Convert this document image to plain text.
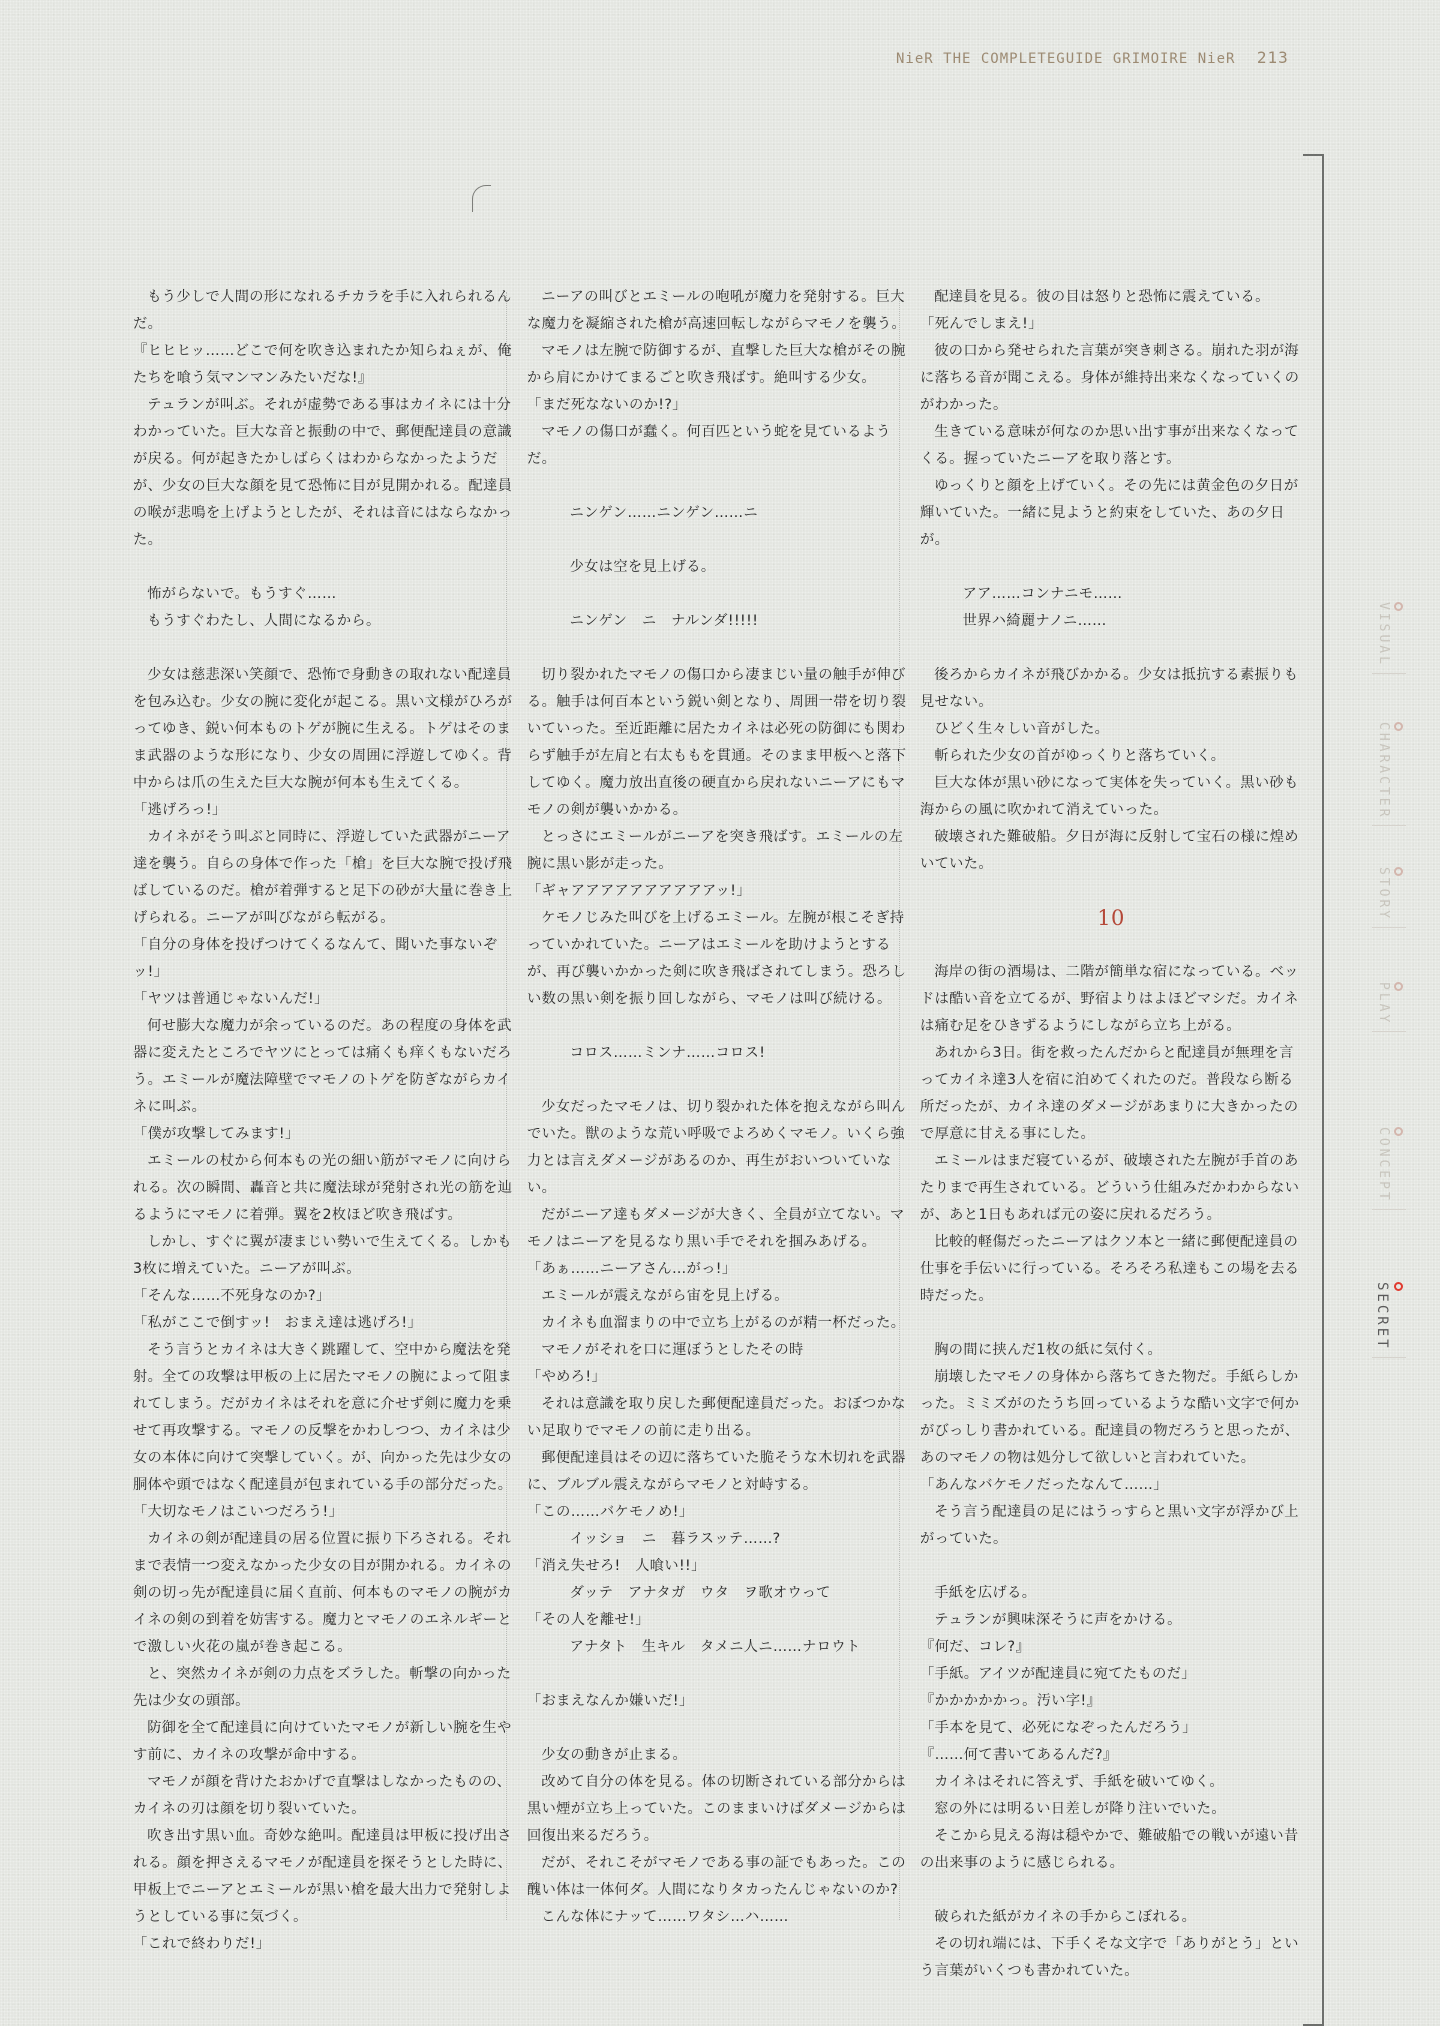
NieR THE COMPLETEGUIDE GRIMOIRE NieR 213

もう少しで人間の形になれるチカラを手に入れられるんだ。

『ヒヒヒッ……どこで何を吹き込まれたか知らねぇが、俺たちを喰う気マンマンみたいだな!』

テュランが叫ぶ。それが虚勢である事はカイネには十分わかっていた。巨大な音と振動の中で、郵便配達員の意識が戻る。何が起きたかしばらくはわからなかったようだが、少女の巨大な顔を見て恐怖に目が見開かれる。配達員の喉が悲鳴を上げようとしたが、それは音にはならなかった。

怖がらないで。もうすぐ……

もうすぐわたし、人間になるから。

少女は慈悲深い笑顔で、恐怖で身動きの取れない配達員を包み込む。少女の腕に変化が起こる。黒い文様がひろがってゆき、鋭い何本ものトゲが腕に生える。トゲはそのまま武器のような形になり、少女の周囲に浮遊してゆく。背中からは爪の生えた巨大な腕が何本も生えてくる。

「逃げろっ!」

カイネがそう叫ぶと同時に、浮遊していた武器がニーア達を襲う。自らの身体で作った「槍」を巨大な腕で投げ飛ばしているのだ。槍が着弾すると足下の砂が大量に巻き上げられる。ニーアが叫びながら転がる。

「自分の身体を投げつけてくるなんて、聞いた事ないぞッ!」

「ヤツは普通じゃないんだ!」

何せ膨大な魔力が余っているのだ。あの程度の身体を武器に変えたところでヤツにとっては痛くも痒くもないだろう。エミールが魔法障壁でマモノのトゲを防ぎながらカイネに叫ぶ。

「僕が攻撃してみます!」

エミールの杖から何本もの光の細い筋がマモノに向けられる。次の瞬間、轟音と共に魔法球が発射され光の筋を辿るようにマモノに着弾。翼を2枚ほど吹き飛ばす。

しかし、すぐに翼が凄まじい勢いで生えてくる。しかも3枚に増えていた。ニーアが叫ぶ。

「そんな……不死身なのか?」

「私がここで倒すッ!　おまえ達は逃げろ!」

そう言うとカイネは大きく跳躍して、空中から魔法を発射。全ての攻撃は甲板の上に居たマモノの腕によって阻まれてしまう。だがカイネはそれを意に介せず剣に魔力を乗せて再攻撃する。マモノの反撃をかわしつつ、カイネは少女の本体に向けて突撃していく。が、向かった先は少女の胴体や頭ではなく配達員が包まれている手の部分だった。

「大切なモノはこいつだろう!」

カイネの剣が配達員の居る位置に振り下ろされる。それまで表情一つ変えなかった少女の目が開かれる。カイネの剣の切っ先が配達員に届く直前、何本ものマモノの腕がカイネの剣の到着を妨害する。魔力とマモノのエネルギーとで激しい火花の嵐が巻き起こる。

と、突然カイネが剣の力点をズラした。斬撃の向かった先は少女の頭部。

防御を全て配達員に向けていたマモノが新しい腕を生やす前に、カイネの攻撃が命中する。

マモノが顔を背けたおかげで直撃はしなかったものの、カイネの刃は顔を切り裂いていた。

吹き出す黒い血。奇妙な絶叫。配達員は甲板に投げ出される。顔を押さえるマモノが配達員を探そうとした時に、甲板上でニーアとエミールが黒い槍を最大出力で発射しようとしている事に気づく。

「これで終わりだ!」

ニーアの叫びとエミールの咆吼が魔力を発射する。巨大な魔力を凝縮された槍が高速回転しながらマモノを襲う。

マモノは左腕で防御するが、直撃した巨大な槍がその腕から肩にかけてまるごと吹き飛ばす。絶叫する少女。

「まだ死なないのか!?」

マモノの傷口が蠢く。何百匹という蛇を見ているようだ。

ニンゲン……ニンゲン……ニ

少女は空を見上げる。

ニンゲン　ニ　ナルンダ!!!!!

切り裂かれたマモノの傷口から凄まじい量の触手が伸びる。触手は何百本という鋭い剣となり、周囲一帯を切り裂いていった。至近距離に居たカイネは必死の防御にも関わらず触手が左肩と右太ももを貫通。そのまま甲板へと落下してゆく。魔力放出直後の硬直から戻れないニーアにもマモノの剣が襲いかかる。

とっさにエミールがニーアを突き飛ばす。エミールの左腕に黒い影が走った。

「ギャアアアアアアアアアアッ!」

ケモノじみた叫びを上げるエミール。左腕が根こそぎ持っていかれていた。ニーアはエミールを助けようとするが、再び襲いかかった剣に吹き飛ばされてしまう。恐ろしい数の黒い剣を振り回しながら、マモノは叫び続ける。

コロス……ミンナ……コロス!

少女だったマモノは、切り裂かれた体を抱えながら叫んでいた。獣のような荒い呼吸でよろめくマモノ。いくら強力とは言えダメージがあるのか、再生がおいついていない。

だがニーア達もダメージが大きく、全員が立てない。マモノはニーアを見るなり黒い手でそれを掴みあげる。

「あぁ……ニーアさん…がっ!」

エミールが震えながら宙を見上げる。

カイネも血溜まりの中で立ち上がるのが精一杯だった。

マモノがそれを口に運ぼうとしたその時

「やめろ!」

それは意識を取り戻した郵便配達員だった。おぼつかない足取りでマモノの前に走り出る。

郵便配達員はその辺に落ちていた脆そうな木切れを武器に、ブルブル震えながらマモノと対峙する。

「この……バケモノめ!」

イッショ　ニ　暮ラスッテ……?

「消え失せろ!　人喰い!!」

ダッテ　アナタガ　ウタ　ヲ歌オウって

「その人を離せ!」

アナタト　生キル　タメニ人ニ……ナロウト

「おまえなんか嫌いだ!」

少女の動きが止まる。

改めて自分の体を見る。体の切断されている部分からは黒い煙が立ち上っていた。このままいけばダメージからは回復出来るだろう。

だが、それこそがマモノである事の証でもあった。この醜い体は一体何ダ。人間になりタカったんじゃないのか?

こんな体にナッて……ワタシ…ハ……

配達員を見る。彼の目は怒りと恐怖に震えている。

「死んでしまえ!」

彼の口から発せられた言葉が突き刺さる。崩れた羽が海に落ちる音が聞こえる。身体が維持出来なくなっていくのがわかった。

生きている意味が何なのか思い出す事が出来なくなってくる。握っていたニーアを取り落とす。

ゆっくりと顔を上げていく。その先には黄金色の夕日が輝いていた。一緒に見ようと約束をしていた、あの夕日が。

アア……コンナニモ……

世界ハ綺麗ナノニ……

後ろからカイネが飛びかかる。少女は抵抗する素振りも見せない。

ひどく生々しい音がした。

斬られた少女の首がゆっくりと落ちていく。

巨大な体が黒い砂になって実体を失っていく。黒い砂も海からの風に吹かれて消えていった。

破壊された難破船。夕日が海に反射して宝石の様に煌めいていた。

10

海岸の街の酒場は、二階が簡単な宿になっている。ベッドは酷い音を立てるが、野宿よりはよほどマシだ。カイネは痛む足をひきずるようにしながら立ち上がる。

あれから3日。街を救ったんだからと配達員が無理を言ってカイネ達3人を宿に泊めてくれたのだ。普段なら断る所だったが、カイネ達のダメージがあまりに大きかったので厚意に甘える事にした。

エミールはまだ寝ているが、破壊された左腕が手首のあたりまで再生されている。どういう仕組みだかわからないが、あと1日もあれば元の姿に戻れるだろう。

比較的軽傷だったニーアはクソ本と一緒に郵便配達員の仕事を手伝いに行っている。そろそろ私達もこの場を去る時だった。

胸の間に挟んだ1枚の紙に気付く。

崩壊したマモノの身体から落ちてきた物だ。手紙らしかった。ミミズがのたうち回っているような酷い文字で何かがびっしり書かれている。配達員の物だろうと思ったが、あのマモノの物は処分して欲しいと言われていた。

「あんなバケモノだったなんて……」

そう言う配達員の足にはうっすらと黒い文字が浮かび上がっていた。

手紙を広げる。

テュランが興味深そうに声をかける。

『何だ、コレ?』

「手紙。アイツが配達員に宛てたものだ」

『かかかかかっ。汚い字!』

「手本を見て、必死になぞったんだろう」

『……何て書いてあるんだ?』

カイネはそれに答えず、手紙を破いてゆく。

窓の外には明るい日差しが降り注いでいた。

そこから見える海は穏やかで、難破船での戦いが遠い昔の出来事のように感じられる。

破られた紙がカイネの手からこぼれる。

その切れ端には、下手くそな文字で「ありがとう」という言葉がいくつも書かれていた。

VISUAL
CHARACTER
STORY
PLAY
CONCEPT
SECRET
